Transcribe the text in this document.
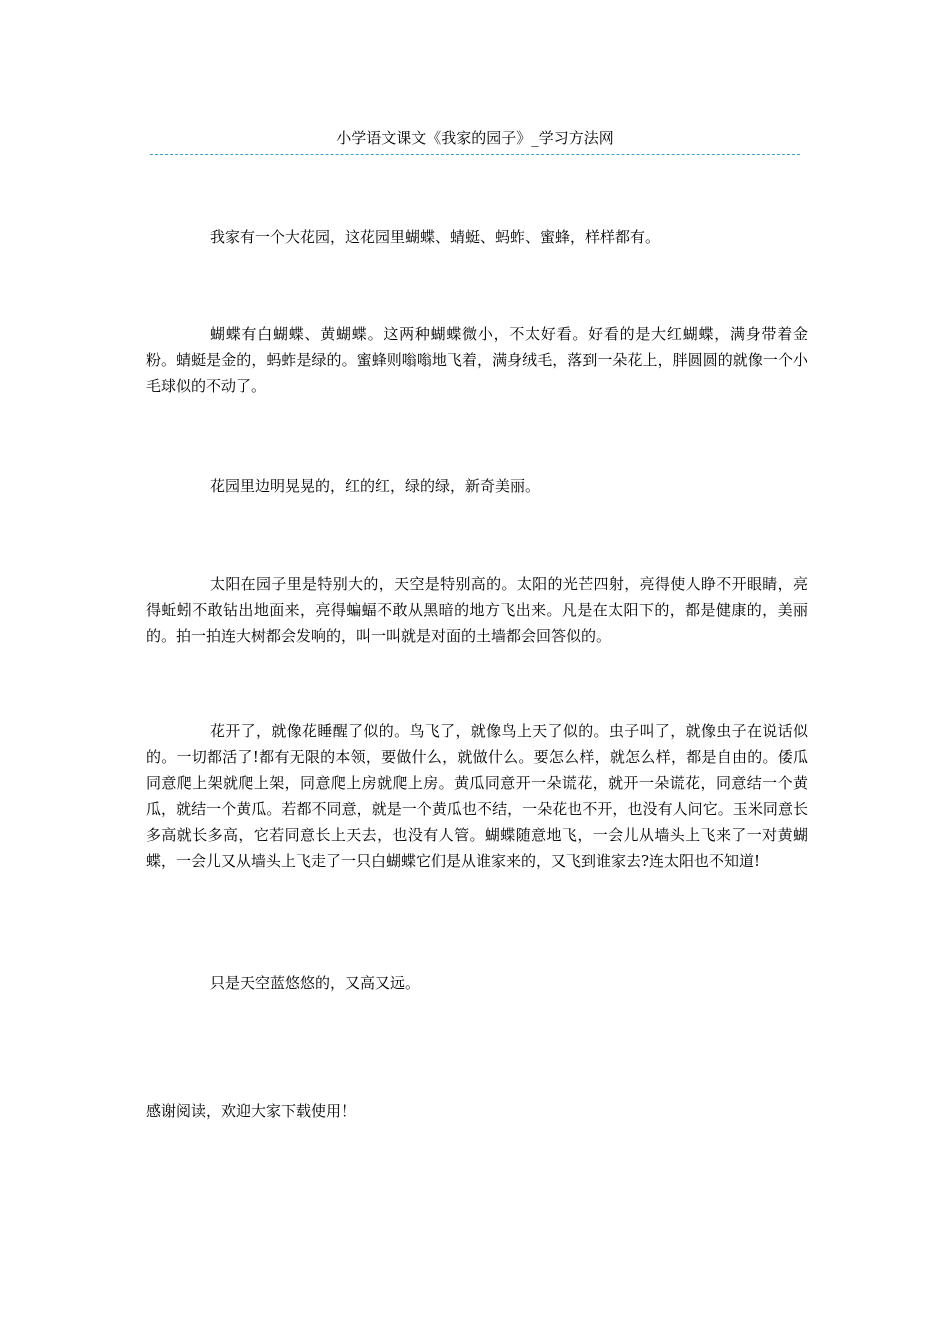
小学语文课文《我家的园子》_学习方法网

我家有一个大花园，这花园里蝴蝶、蜻蜓、蚂蚱、蜜蜂，样样都有。

蝴蝶有白蝴蝶、黄蝴蝶。这两种蝴蝶微小，不太好看。好看的是大红蝴蝶，满身带着金粉。蜻蜓是金的，蚂蚱是绿的。蜜蜂则嗡嗡地飞着，满身绒毛，落到一朵花上，胖圆圆的就像一个小毛球似的不动了。

花园里边明晃晃的，红的红，绿的绿，新奇美丽。

太阳在园子里是特别大的，天空是特别高的。太阳的光芒四射，亮得使人睁不开眼睛，亮得蚯蚓不敢钻出地面来，亮得蝙蝠不敢从黑暗的地方飞出来。凡是在太阳下的，都是健康的，美丽的。拍一拍连大树都会发响的，叫一叫就是对面的土墙都会回答似的。

花开了，就像花睡醒了似的。鸟飞了，就像鸟上天了似的。虫子叫了，就像虫子在说话似的。一切都活了!都有无限的本领，要做什么，就做什么。要怎么样，就怎么样，都是自由的。倭瓜同意爬上架就爬上架，同意爬上房就爬上房。黄瓜同意开一朵谎花，就开一朵谎花，同意结一个黄瓜，就结一个黄瓜。若都不同意，就是一个黄瓜也不结，一朵花也不开，也没有人问它。玉米同意长多高就长多高，它若同意长上天去，也没有人管。蝴蝶随意地飞，一会儿从墙头上飞来了一对黄蝴蝶，一会儿又从墙头上飞走了一只白蝴蝶它们是从谁家来的，又飞到谁家去?连太阳也不知道!

只是天空蓝悠悠的，又高又远。

感谢阅读，欢迎大家下载使用！
